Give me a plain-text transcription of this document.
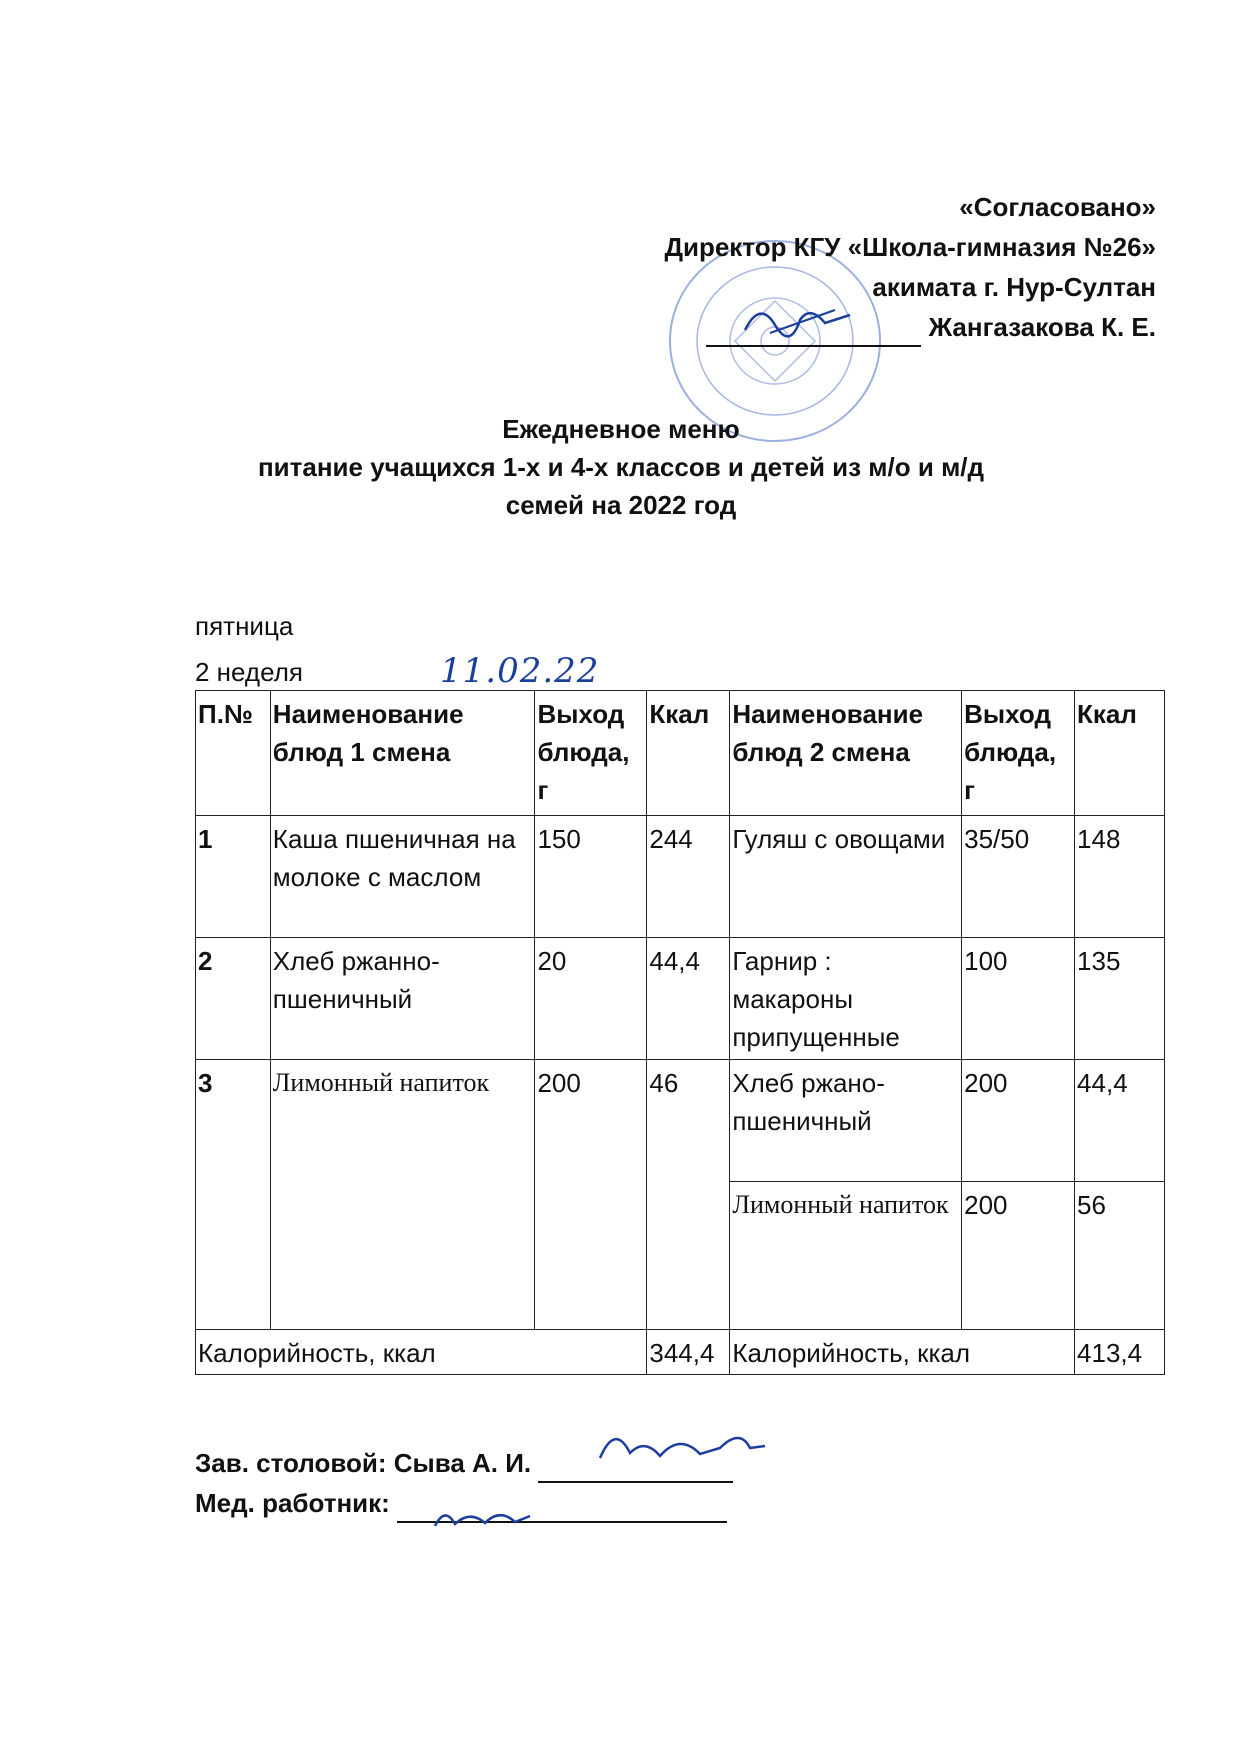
«Согласовано»
Директор КГУ «Школа-гимназия №26»
акимата г. Нур-Султан
Жангазакова К. Е.
Ежедневное меню
питание учащихся 1-х и 4-х классов и детей из м/о и м/д
семей на 2022 год
пятница
2 неделя	11.02.22
П.№	Наименование блюд 1 смена	Выход блюда, г	Ккал	Наименование блюд 2 смена	Выход блюда, г	Ккал
1	Каша пшеничная на молоке с маслом	150	244	Гуляш с овощами	35/50	148
2	Хлеб ржанно-пшеничный	20	44,4	Гарнир : макароны припущенные	100	135
3	Лимонный напиток	200	46	Хлеб ржано-пшеничный	200	44,4
				Лимонный напиток	200	56
Калорийность, ккал			344,4	Калорийность, ккал		413,4
Зав. столовой: Сыва А. И.
Мед. работник:
